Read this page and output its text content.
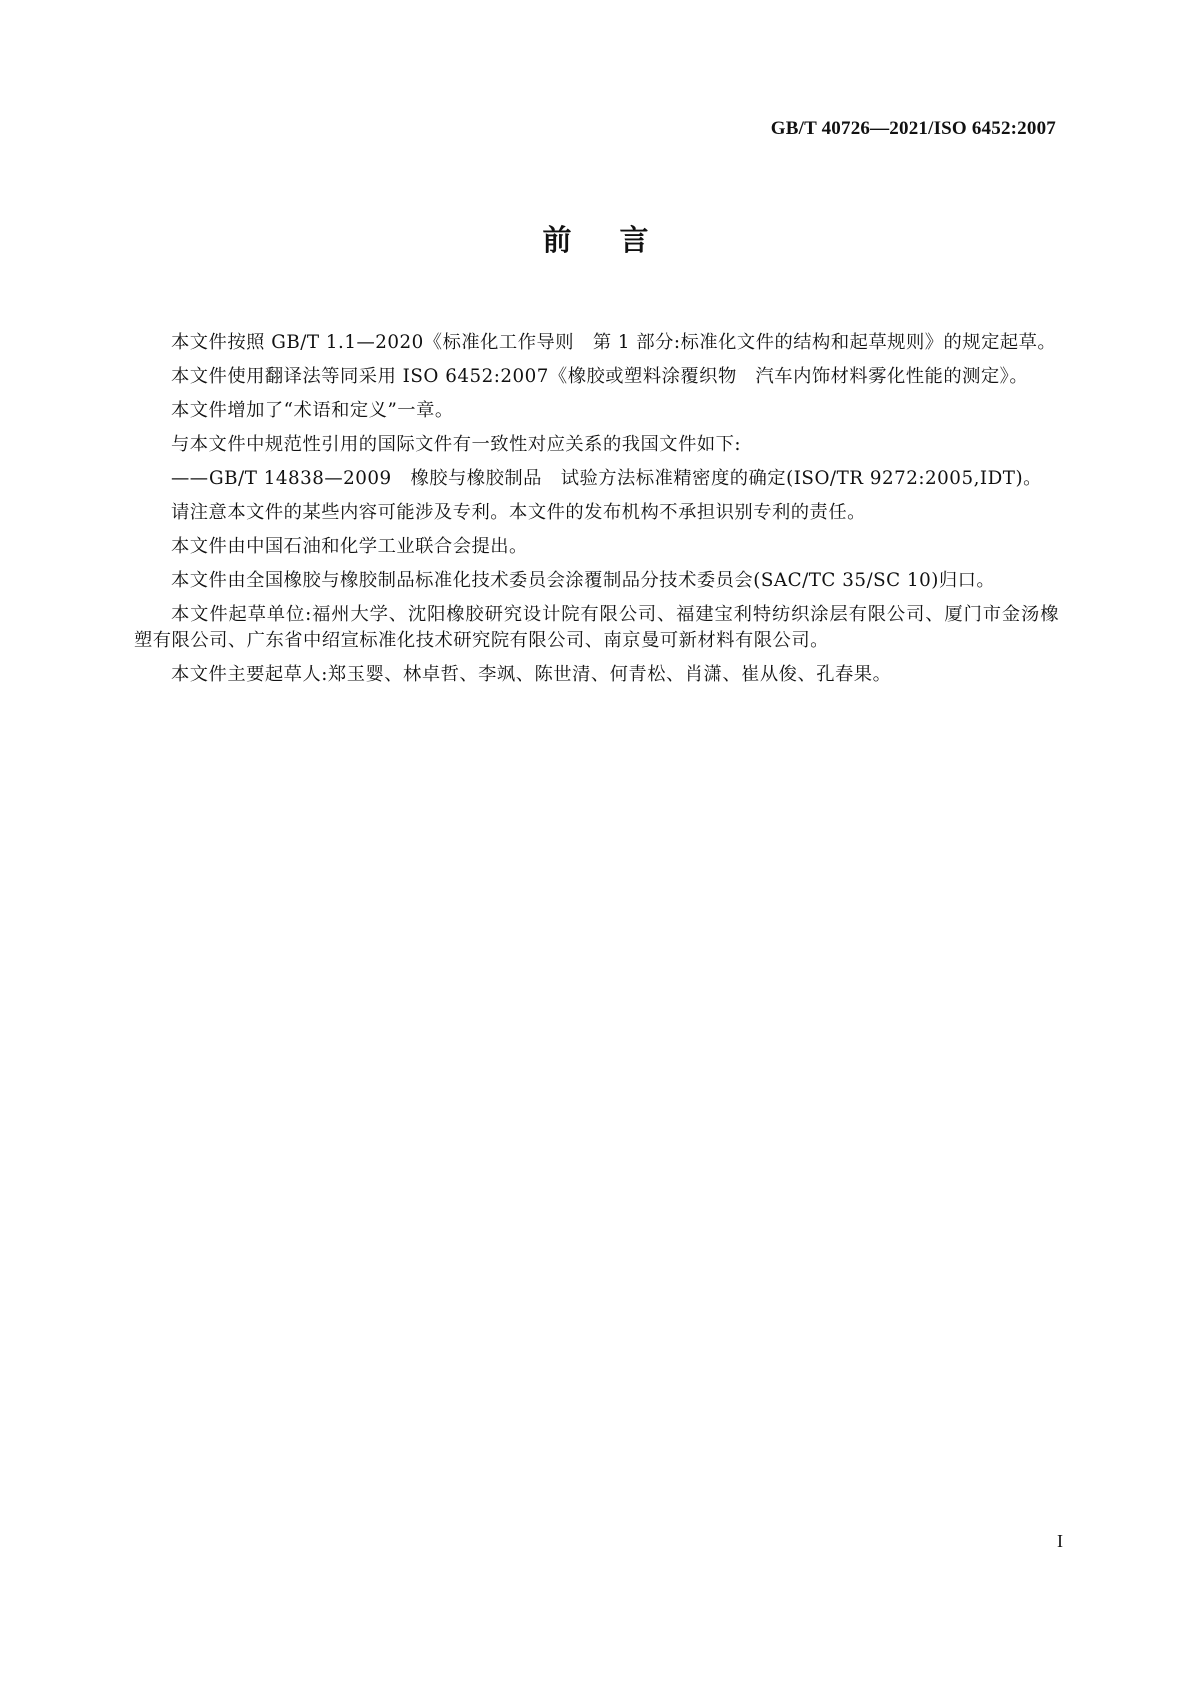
GB/T 40726—2021/ISO 6452:2007
前言

本文件按照 GB/T 1.1—2020《标准化工作导则　第 1 部分:标准化文件的结构和起草规则》的规定起草。

本文件使用翻译法等同采用 ISO 6452:2007《橡胶或塑料涂覆织物　汽车内饰材料雾化性能的测定》。

本文件增加了“术语和定义”一章。

与本文件中规范性引用的国际文件有一致性对应关系的我国文件如下:

—— GB/T 14838—2009　橡胶与橡胶制品　试验方法标准精密度的确定(ISO/TR 9272:2005,IDT)。

请注意本文件的某些内容可能涉及专利。本文件的发布机构不承担识别专利的责任。

本文件由中国石油和化学工业联合会提出。

本文件由全国橡胶与橡胶制品标准化技术委员会涂覆制品分技术委员会(SAC/TC 35/SC 10)归口。

本文件起草单位:福州大学、沈阳橡胶研究设计院有限公司、福建宝利特纺织涂层有限公司、厦门市金汤橡塑有限公司、广东省中绍宣标准化技术研究院有限公司、南京曼可新材料有限公司。

本文件主要起草人:郑玉婴、林卓哲、李飒、陈世清、何青松、肖潇、崔从俊、孔春果。

I
